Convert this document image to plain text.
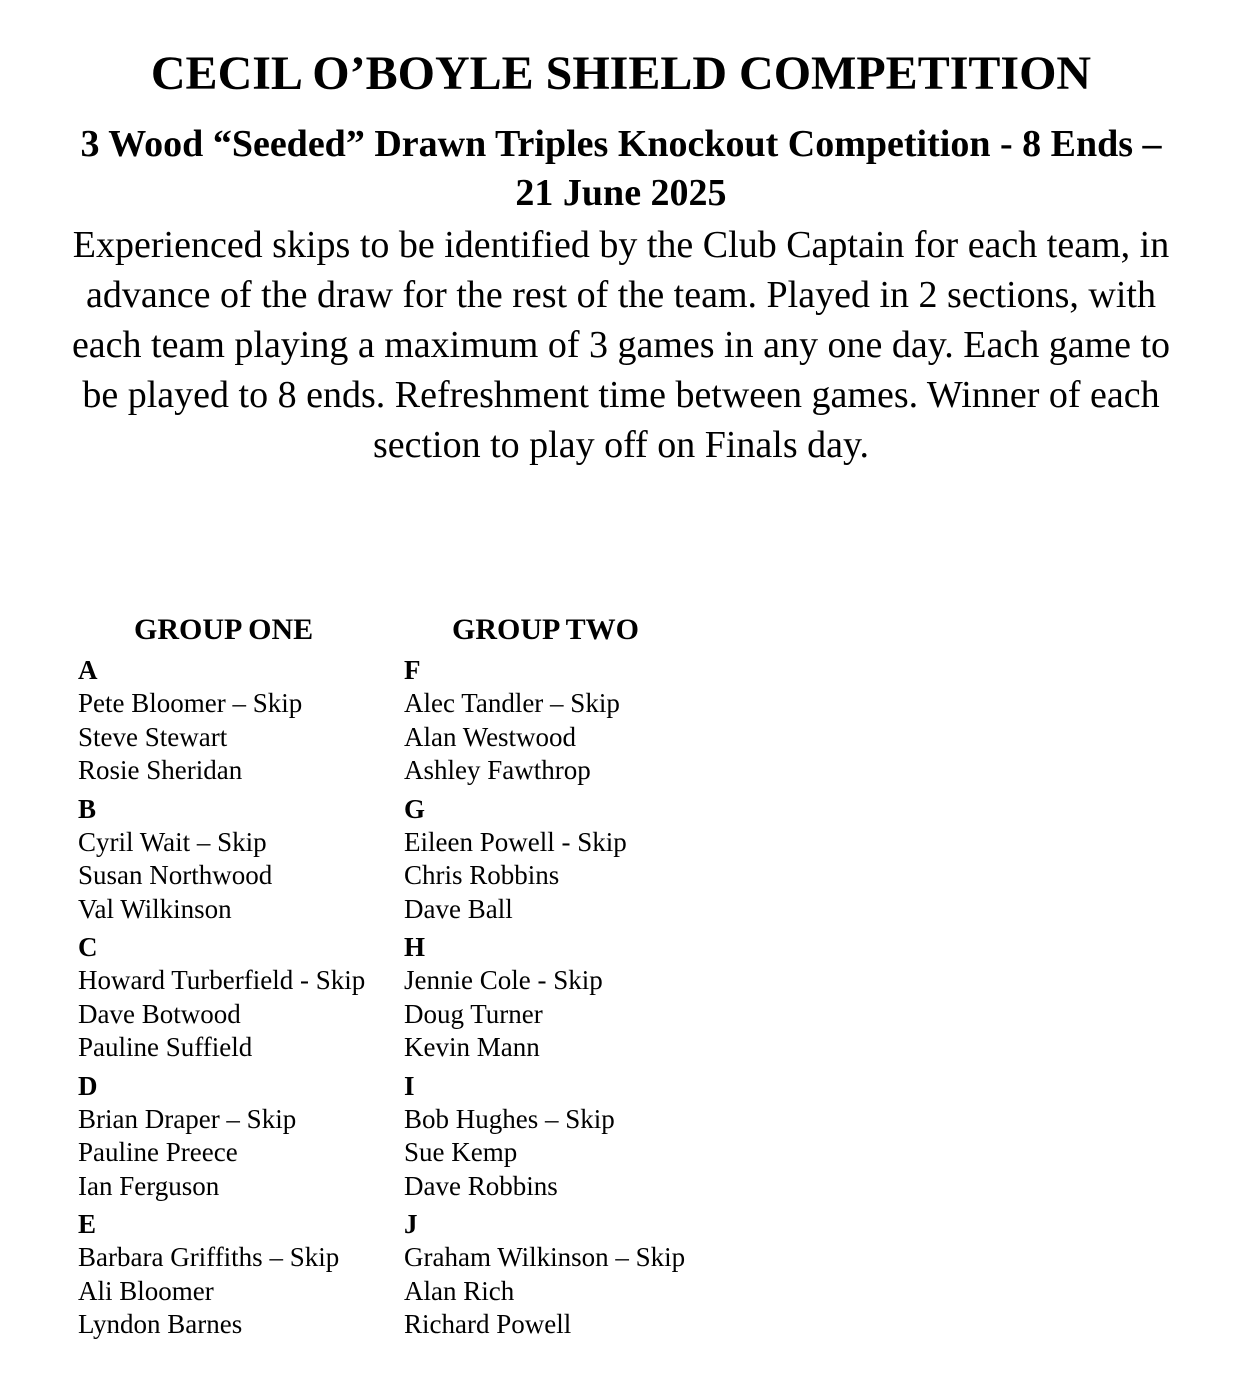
CECIL O’BOYLE SHIELD COMPETITION
3 Wood “Seeded” Drawn Triples Knockout Competition - 8 Ends – 21 June 2025

Experienced skips to be identified by the Club Captain for each team, in advance of the draw for the rest of the team. Played in 2 sections, with each team playing a maximum of 3 games in any one day. Each game to be played to 8 ends. Refreshment time between games. Winner of each section to play off on Finals day.

GROUP ONE
A
Pete Bloomer – Skip
Steve Stewart
Rosie Sheridan
B
Cyril Wait – Skip
Susan Northwood
Val Wilkinson
C
Howard Turberfield - Skip
Dave Botwood
Pauline Suffield
D
Brian Draper – Skip
Pauline Preece
Ian Ferguson
E
Barbara Griffiths – Skip
Ali Bloomer
Lyndon Barnes
GROUP TWO
F
Alec Tandler – Skip
Alan Westwood
Ashley Fawthrop
G
Eileen Powell - Skip
Chris Robbins
Dave Ball
H
Jennie Cole - Skip
Doug Turner
Kevin Mann
I
Bob Hughes – Skip
Sue Kemp
Dave Robbins
J
Graham Wilkinson – Skip
Alan Rich
Richard Powell
